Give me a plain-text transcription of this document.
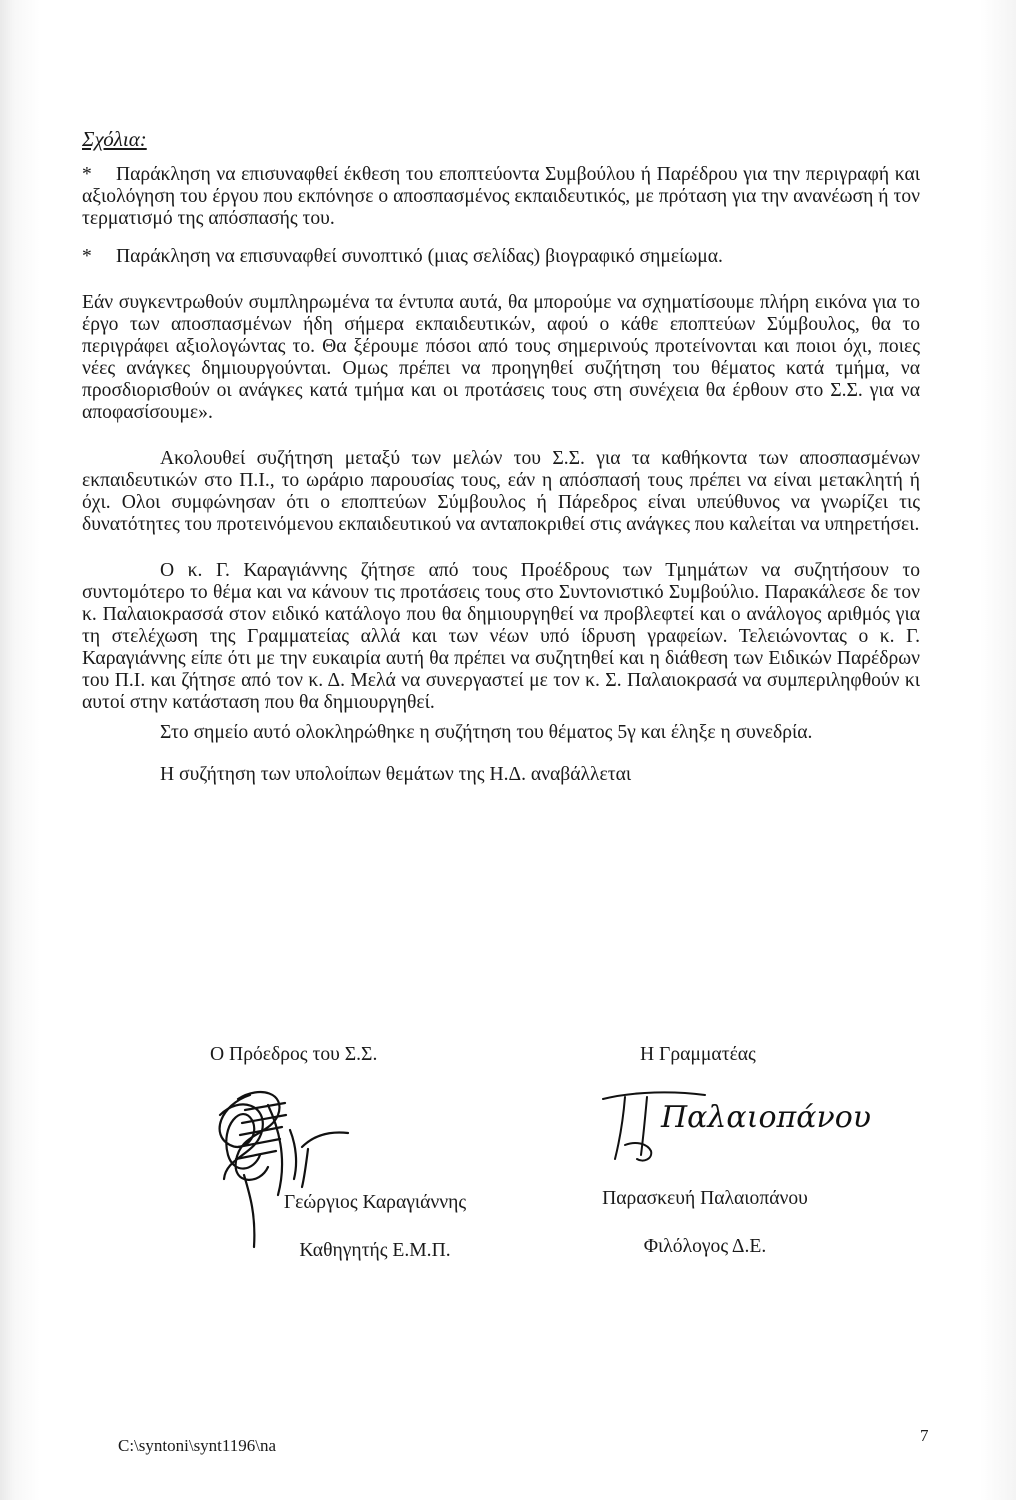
Σχόλια:

* Παράκληση να επισυναφθεί έκθεση του εποπτεύοντα Συμβούλου ή Παρέδρου για την περιγραφή και αξιολόγηση του έργου που εκπόνησε ο αποσπασμένος εκπαιδευτικός, με πρόταση για την ανανέωση ή τον τερματισμό της απόσπασής του.

* Παράκληση να επισυναφθεί συνοπτικό (μιας σελίδας) βιογραφικό σημείωμα.

Εάν συγκεντρωθούν συμπληρωμένα τα έντυπα αυτά, θα μπορούμε να σχηματίσουμε πλήρη εικόνα για το έργο των αποσπασμένων ήδη σήμερα εκπαιδευτικών, αφού ο κάθε εποπτεύων Σύμβουλος, θα το περιγράφει αξιολογώντας το. Θα ξέρουμε πόσοι από τους σημερινούς προτείνονται και ποιοι όχι, ποιες νέες ανάγκες δημιουργούνται. Ομως πρέπει να προηγηθεί συζήτηση του θέματος κατά τμήμα, να προσδιορισθούν οι ανάγκες κατά τμήμα και οι προτάσεις τους στη συνέχεια θα έρθουν στο Σ.Σ. για να αποφασίσουμε».

Ακολουθεί συζήτηση μεταξύ των μελών του Σ.Σ. για τα καθήκοντα των αποσπασμένων εκπαιδευτικών στο Π.Ι., το ωράριο παρουσίας τους, εάν η απόσπασή τους πρέπει να είναι μετακλητή ή όχι. Ολοι συμφώνησαν ότι ο εποπτεύων Σύμβουλος ή Πάρεδρος είναι υπεύθυνος να γνωρίζει τις δυνατότητες του προτεινόμενου εκπαιδευτικού να ανταποκριθεί στις ανάγκες που καλείται να υπηρετήσει.

Ο κ. Γ. Καραγιάννης ζήτησε από τους Προέδρους των Τμημάτων να συζητήσουν το συντομότερο το θέμα και να κάνουν τις προτάσεις τους στο Συντονιστικό Συμβούλιο. Παρακάλεσε δε τον κ. Παλαιοκρασσά στον ειδικό κατάλογο που θα δημιουργηθεί να προβλεφτεί και ο ανάλογος αριθμός για τη στελέχωση της Γραμματείας αλλά και των νέων υπό ίδρυση γραφείων. Τελειώνοντας ο κ. Γ. Καραγιάννης είπε ότι με την ευκαιρία αυτή θα πρέπει να συζητηθεί και η διάθεση των Ειδικών Παρέδρων του Π.Ι. και ζήτησε από τον κ. Δ. Μελά να συνεργαστεί με τον κ. Σ. Παλαιοκρασά να συμπεριληφθούν κι αυτοί στην κατάσταση που θα δημιουργηθεί.

Στο σημείο αυτό ολοκληρώθηκε η συζήτηση του θέματος 5γ και έληξε η συνεδρία.

Η συζήτηση των υπολοίπων θεμάτων της Η.Δ. αναβάλλεται

Ο Πρόεδρος του Σ.Σ.
Γεώργιος Καραγιάννης
Καθηγητής Ε.Μ.Π.
Η Γραμματέας
Παρασκευή Παλαιοπάνου
Φιλόλογος Δ.Ε.
Παλαιοπάνου
C:\syntoni\synt1196\na
7
